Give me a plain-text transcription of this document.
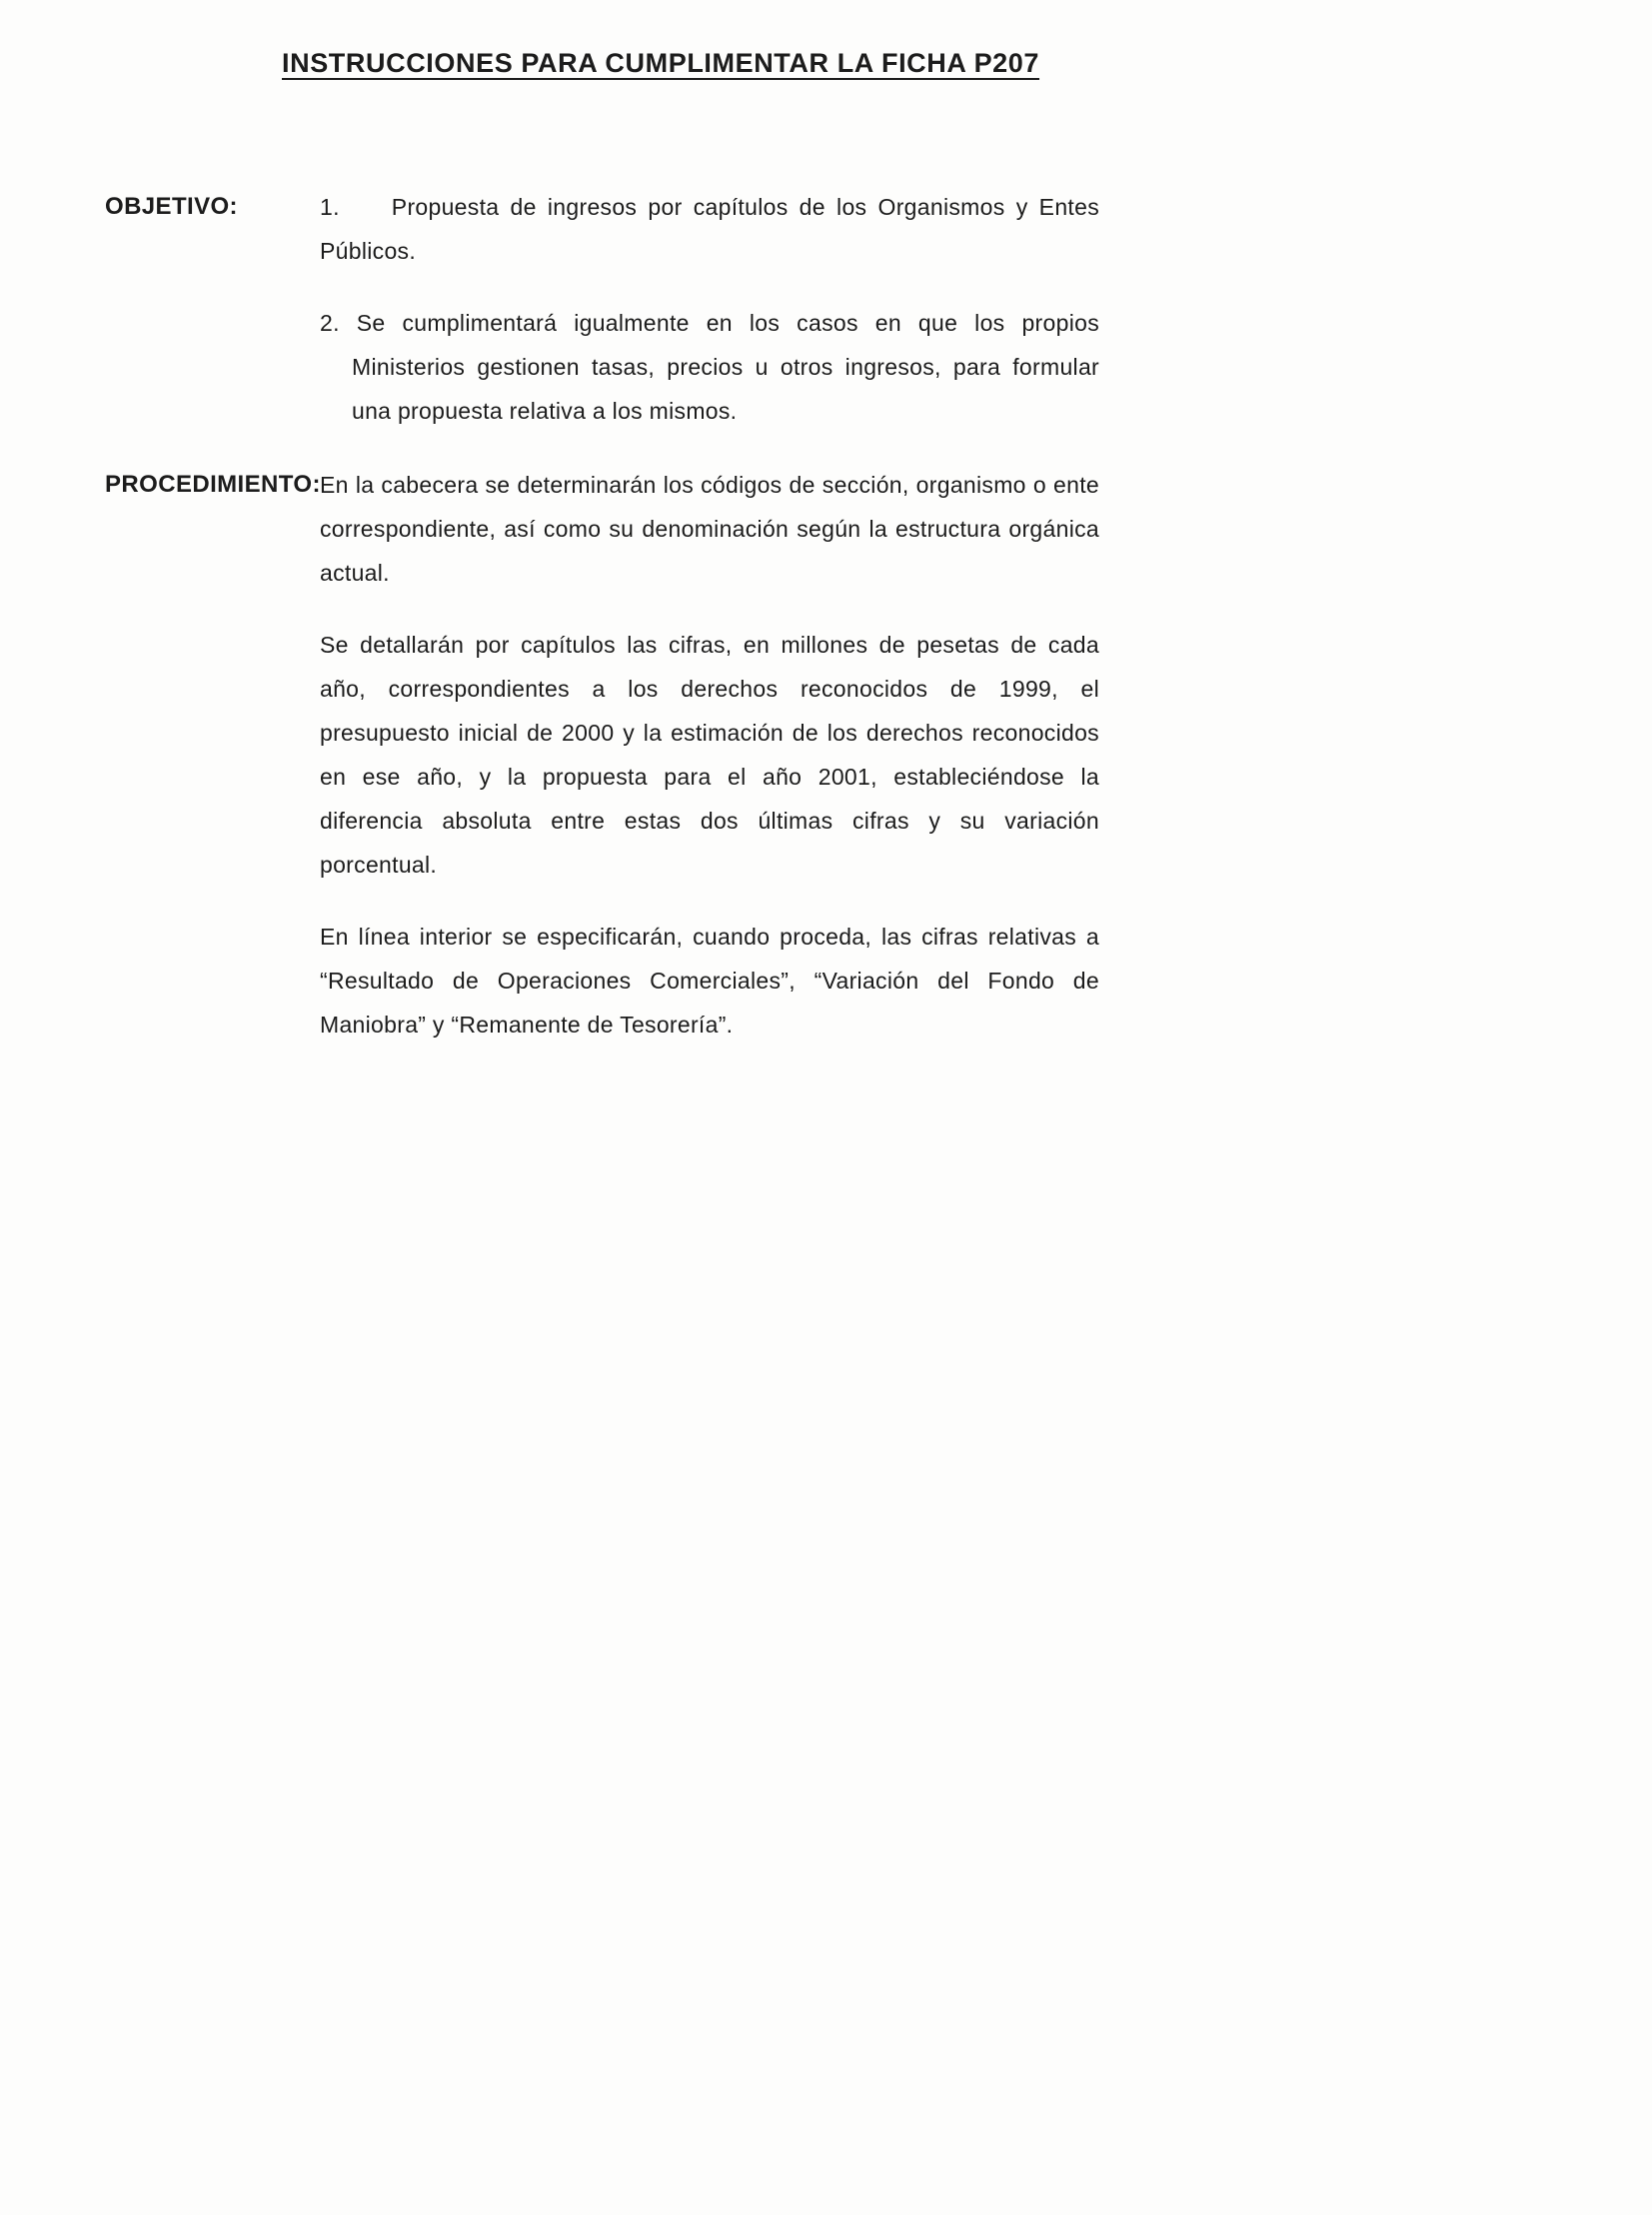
INSTRUCCIONES PARA CUMPLIMENTAR LA FICHA P207
OBJETIVO:	1. Propuesta de ingresos por capítulos de los Organismos y Entes Públicos.

2. Se cumplimentará igualmente en los casos en que los propios Ministerios gestionen tasas, precios u otros ingresos, para formular una propuesta relativa a los mismos.

PROCEDIMIENTO: En la cabecera se determinarán los códigos de sección, organismo o ente correspondiente, así como su denominación según la estructura orgánica actual.

Se detallarán por capítulos las cifras, en millones de pesetas de cada año, correspondientes a los derechos reconocidos de 1999, el presupuesto inicial de 2000 y la estimación de los derechos reconocidos en ese año, y la propuesta para el año 2001, estableciéndose la diferencia absoluta entre estas dos últimas cifras y su variación porcentual.

En línea interior se especificarán, cuando proceda, las cifras relativas a “Resultado de Operaciones Comerciales”, “Variación del Fondo de Maniobra” y “Remanente de Tesorería”.
